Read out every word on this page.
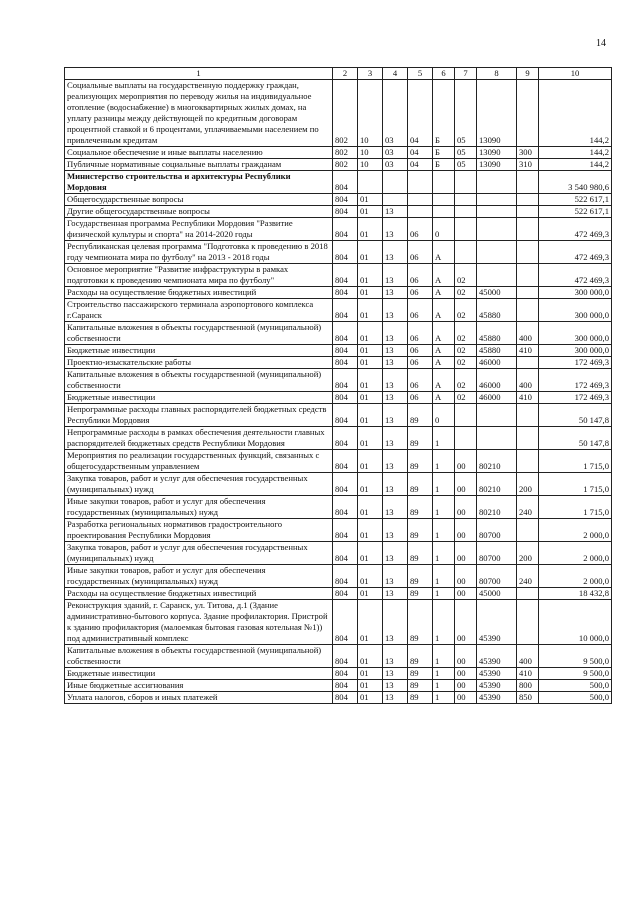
14
1	2	3	4	5	6	7	8	9	10
Социальные выплаты на государственную поддержку граждан, реализующих мероприятия по переводу жилья на индивидуальное отопление (водоснабжение) в многоквартирных жилых домах, на уплату разницы между действующей по кредитным договорам процентной ставкой и 6 процентами, уплачиваемыми населением по привлеченным кредитам	802	10	03	04	Б	05	13090		144,2
Социальное обеспечение и иные выплаты населению	802	10	03	04	Б	05	13090	300	144,2
Публичные нормативные социальные выплаты гражданам	802	10	03	04	Б	05	13090	310	144,2
Министерство строительства и архитектуры Республики Мордовия	804								3 540 980,6
Общегосударственные вопросы	804	01							522 617,1
Другие общегосударственные вопросы	804	01	13						522 617,1
Государственная программа Республики Мордовия "Развитие физической культуры и спорта" на 2014-2020 годы	804	01	13	06	0				472 469,3
Республиканская целевая программа "Подготовка к проведению в 2018 году чемпионата мира по футболу" на 2013 - 2018 годы	804	01	13	06	А				472 469,3
Основное мероприятие "Развитие инфраструктуры в рамках подготовки к проведению чемпионата мира по футболу"	804	01	13	06	А	02			472 469,3
Расходы на осуществление бюджетных инвестиций	804	01	13	06	А	02	45000		300 000,0
Строительство пассажирского терминала аэропортового комплекса г.Саранск	804	01	13	06	А	02	45880		300 000,0
Капитальные вложения в объекты государственной (муниципальной) собственности	804	01	13	06	А	02	45880	400	300 000,0
Бюджетные инвестиции	804	01	13	06	А	02	45880	410	300 000,0
Проектно-изыскательские работы	804	01	13	06	А	02	46000		172 469,3
Капитальные вложения в объекты государственной (муниципальной) собственности	804	01	13	06	А	02	46000	400	172 469,3
Бюджетные инвестиции	804	01	13	06	А	02	46000	410	172 469,3
Непрограммные расходы главных распорядителей бюджетных средств Республики Мордовия	804	01	13	89	0				50 147,8
Непрограммные расходы в рамках обеспечения деятельности главных распорядителей бюджетных средств Республики Мордовия	804	01	13	89	1				50 147,8
Мероприятия по реализации государственных функций, связанных с общегосударственным управлением	804	01	13	89	1	00	80210		1 715,0
Закупка товаров, работ и услуг для обеспечения государственных (муниципальных) нужд	804	01	13	89	1	00	80210	200	1 715,0
Иные закупки товаров, работ и услуг для обеспечения государственных (муниципальных) нужд	804	01	13	89	1	00	80210	240	1 715,0
Разработка региональных нормативов градостроительного проектирования Республики Мордовия	804	01	13	89	1	00	80700		2 000,0
Закупка товаров, работ и услуг для обеспечения государственных (муниципальных) нужд	804	01	13	89	1	00	80700	200	2 000,0
Иные закупки товаров, работ и услуг для обеспечения государственных (муниципальных) нужд	804	01	13	89	1	00	80700	240	2 000,0
Расходы на осуществление бюджетных инвестиций	804	01	13	89	1	00	45000		18 432,8
Реконструкция зданий, г. Саранск, ул. Титова, д.1 (Здание административно-бытового корпуса. Здание профилактория. Пристрой к зданию профилактория (малоемкая бытовая газовая котельная №1)) под административный комплекс	804	01	13	89	1	00	45390		10 000,0
Капитальные вложения в объекты государственной (муниципальной) собственности	804	01	13	89	1	00	45390	400	9 500,0
Бюджетные инвестиции	804	01	13	89	1	00	45390	410	9 500,0
Иные бюджетные ассигнования	804	01	13	89	1	00	45390	800	500,0
Уплата налогов, сборов и иных платежей	804	01	13	89	1	00	45390	850	500,0
